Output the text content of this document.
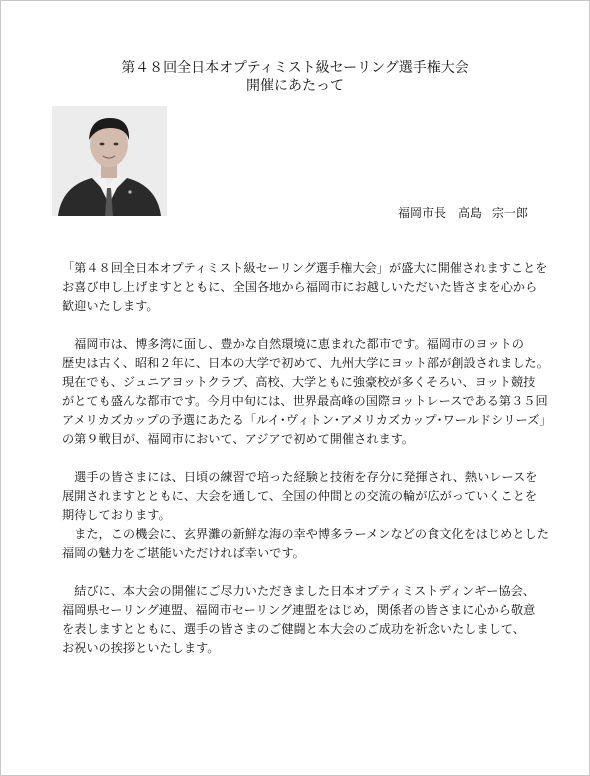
第４８回全日本オプティミスト級セーリング選手権大会
開催にあたって
福岡市長 高島 宗一郎
「第４８回全日本オプティミスト級セーリング選手権大会」が盛大に開催されますことを
お喜び申し上げますとともに、全国各地から福岡市にお越しいただいた皆さまを心から
歓迎いたします。
　福岡市は、博多湾に面し、豊かな自然環境に恵まれた都市です。福岡市のヨットの
歴史は古く、昭和２年に、日本の大学で初めて、九州大学にヨット部が創設されました。
現在でも、ジュニアヨットクラブ、高校、大学ともに強豪校が多くそろい、ヨット競技
がとても盛んな都市です。今月中旬には、世界最高峰の国際ヨットレースである第３５回
アメリカズカップの予選にあたる「ルイ･ヴィトン･アメリカズカップ･ワールドシリーズ」
の第９戦目が、福岡市において、アジアで初めて開催されます。
　選手の皆さまには、日頃の練習で培った経験と技術を存分に発揮され、熱いレースを
展開されますとともに、大会を通して、全国の仲間との交流の輪が広がっていくことを
期待しております。
　また，この機会に、玄界灘の新鮮な海の幸や博多ラーメンなどの食文化をはじめとした
福岡の魅力をご堪能いただければ幸いです。
　結びに、本大会の開催にご尽力いただきました日本オプティミストディンギー協会、
福岡県セーリング連盟、福岡市セーリング連盟をはじめ，関係者の皆さまに心から敬意
を表しますとともに、選手の皆さまのご健闘と本大会のご成功を祈念いたしまして、
お祝いの挨拶といたします。
